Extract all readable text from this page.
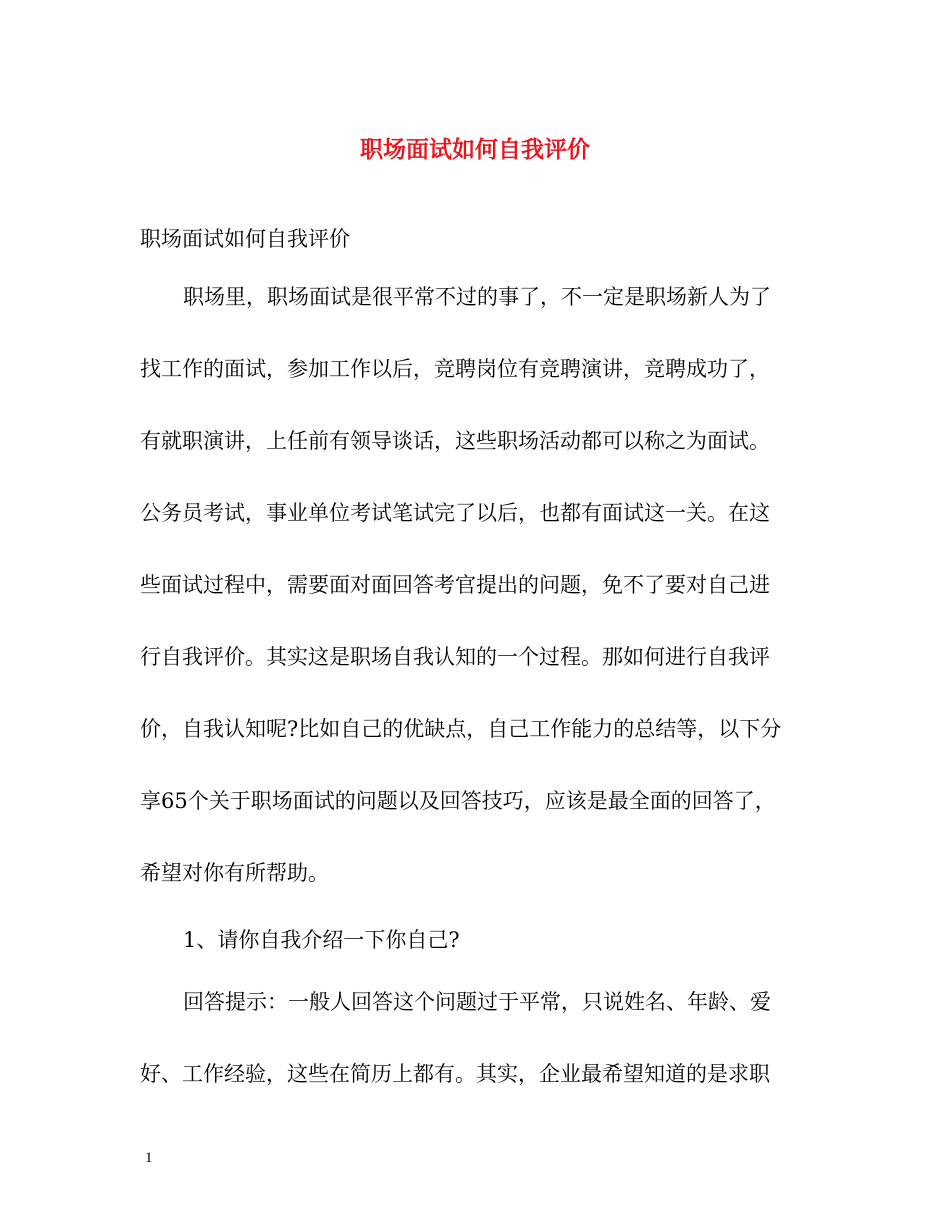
职场面试如何自我评价
职场面试如何自我评价
职场里，职场面试是很平常不过的事了，不一定是职场新人为了
找工作的面试，参加工作以后，竞聘岗位有竞聘演讲，竞聘成功了，
有就职演讲，上任前有领导谈话，这些职场活动都可以称之为面试。
公务员考试，事业单位考试笔试完了以后，也都有面试这一关。在这
些面试过程中，需要面对面回答考官提出的问题，免不了要对自己进
行自我评价。其实这是职场自我认知的一个过程。那如何进行自我评
价，自我认知呢?比如自己的优缺点，自己工作能力的总结等，以下分
享65个关于职场面试的问题以及回答技巧，应该是最全面的回答了，
希望对你有所帮助。
1、请你自我介绍一下你自己?
回答提示：一般人回答这个问题过于平常，只说姓名、年龄、爱
好、工作经验，这些在简历上都有。其实，企业最希望知道的是求职
1
